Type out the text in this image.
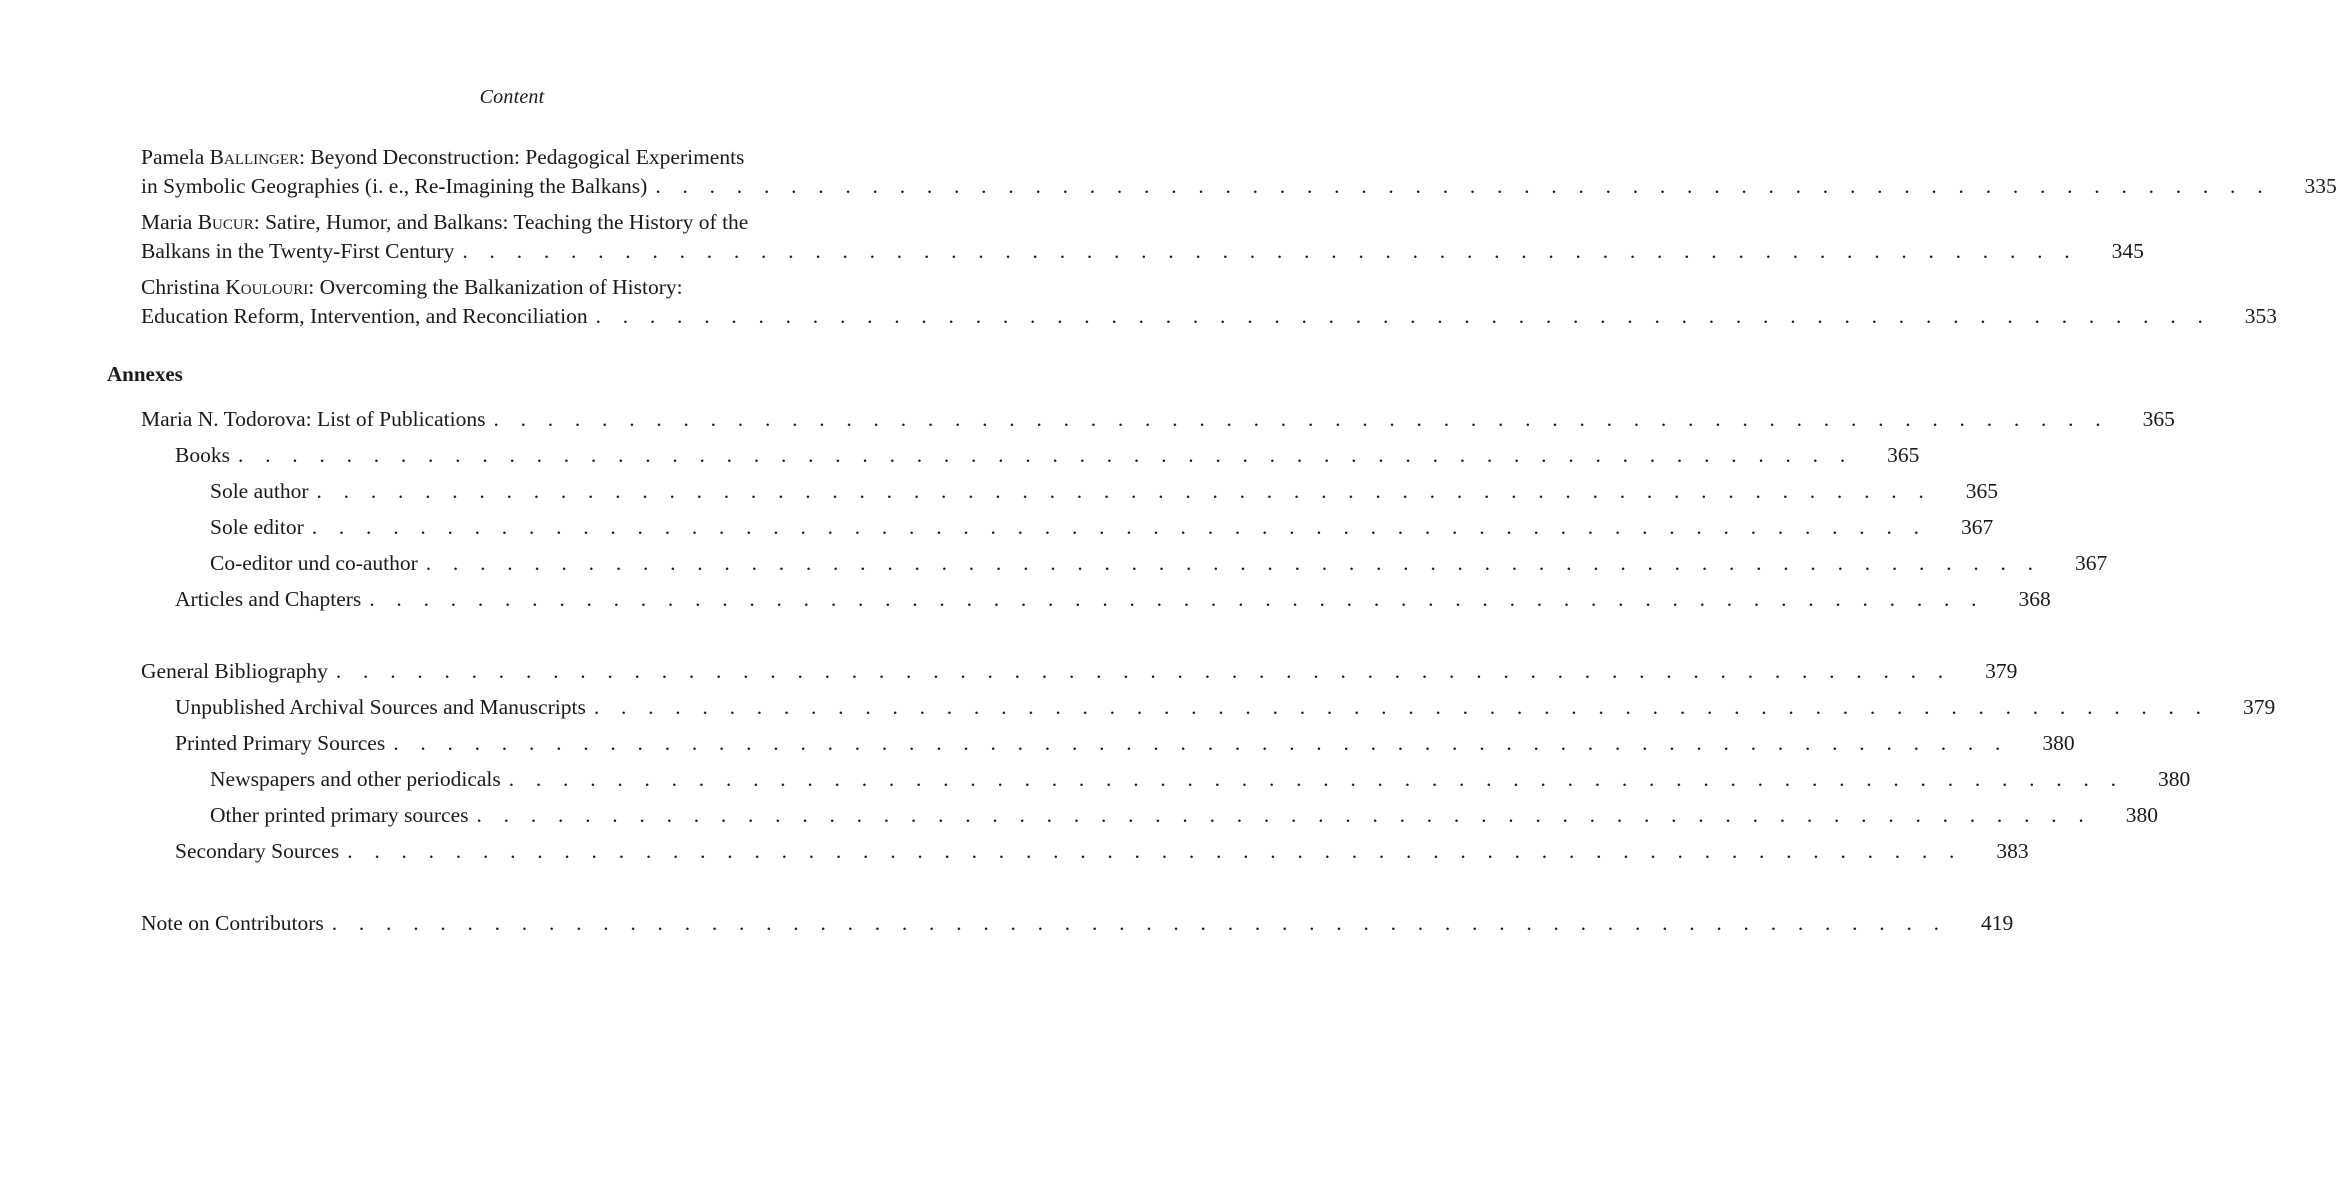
Content
Pamela Ballinger: Beyond Deconstruction: Pedagogical Experiments
in Symbolic Geographies (i. e., Re-Imagining the Balkans) . . . . . . . . . . . . . . . . . . . . . . . . . . . . . . . . . . . . . . . . . . . . . . . . . . . . . . . . . . . . 335
Maria Bucur: Satire, Humor, and Balkans: Teaching the History of the
Balkans in the Twenty-First Century . . . . . . . . . . . . . . . . . . . . . . . . . . . . . . . . . . . . . . . . . . . . . . . . . . . . . . . . . . . . 345
Christina Koulouri: Overcoming the Balkanization of History:
Education Reform, Intervention, and Reconciliation . . . . . . . . . . . . . . . . . . . . . . . . . . . . . . . . . . . . . . . . . . . . . . . . . . . . . . . . . . . . 353
Annexes
Maria N. Todorova: List of Publications . . . . . . . . . . . . . . . . . . . . . . . . . . . . . . . . . . . . . . . . . . . . . . . . . . . . . . . . . . . . 365
Books . . . . . . . . . . . . . . . . . . . . . . . . . . . . . . . . . . . . . . . . . . . . . . . . . . . . . . . . . . . . 365
Sole author . . . . . . . . . . . . . . . . . . . . . . . . . . . . . . . . . . . . . . . . . . . . . . . . . . . . . . . . . . . . 365
Sole editor . . . . . . . . . . . . . . . . . . . . . . . . . . . . . . . . . . . . . . . . . . . . . . . . . . . . . . . . . . . . 367
Co-editor und co-author . . . . . . . . . . . . . . . . . . . . . . . . . . . . . . . . . . . . . . . . . . . . . . . . . . . . . . . . . . . . 367
Articles and Chapters . . . . . . . . . . . . . . . . . . . . . . . . . . . . . . . . . . . . . . . . . . . . . . . . . . . . . . . . . . . . 368
General Bibliography . . . . . . . . . . . . . . . . . . . . . . . . . . . . . . . . . . . . . . . . . . . . . . . . . . . . . . . . . . . . 379
Unpublished Archival Sources and Manuscripts . . . . . . . . . . . . . . . . . . . . . . . . . . . . . . . . . . . . . . . . . . . . . . . . . . . . . . . . . . . . 379
Printed Primary Sources . . . . . . . . . . . . . . . . . . . . . . . . . . . . . . . . . . . . . . . . . . . . . . . . . . . . . . . . . . . . 380
Newspapers and other periodicals . . . . . . . . . . . . . . . . . . . . . . . . . . . . . . . . . . . . . . . . . . . . . . . . . . . . . . . . . . . . 380
Other printed primary sources . . . . . . . . . . . . . . . . . . . . . . . . . . . . . . . . . . . . . . . . . . . . . . . . . . . . . . . . . . . . 380
Secondary Sources . . . . . . . . . . . . . . . . . . . . . . . . . . . . . . . . . . . . . . . . . . . . . . . . . . . . . . . . . . . . 383
Note on Contributors . . . . . . . . . . . . . . . . . . . . . . . . . . . . . . . . . . . . . . . . . . . . . . . . . . . . . . . . . . . . 419
